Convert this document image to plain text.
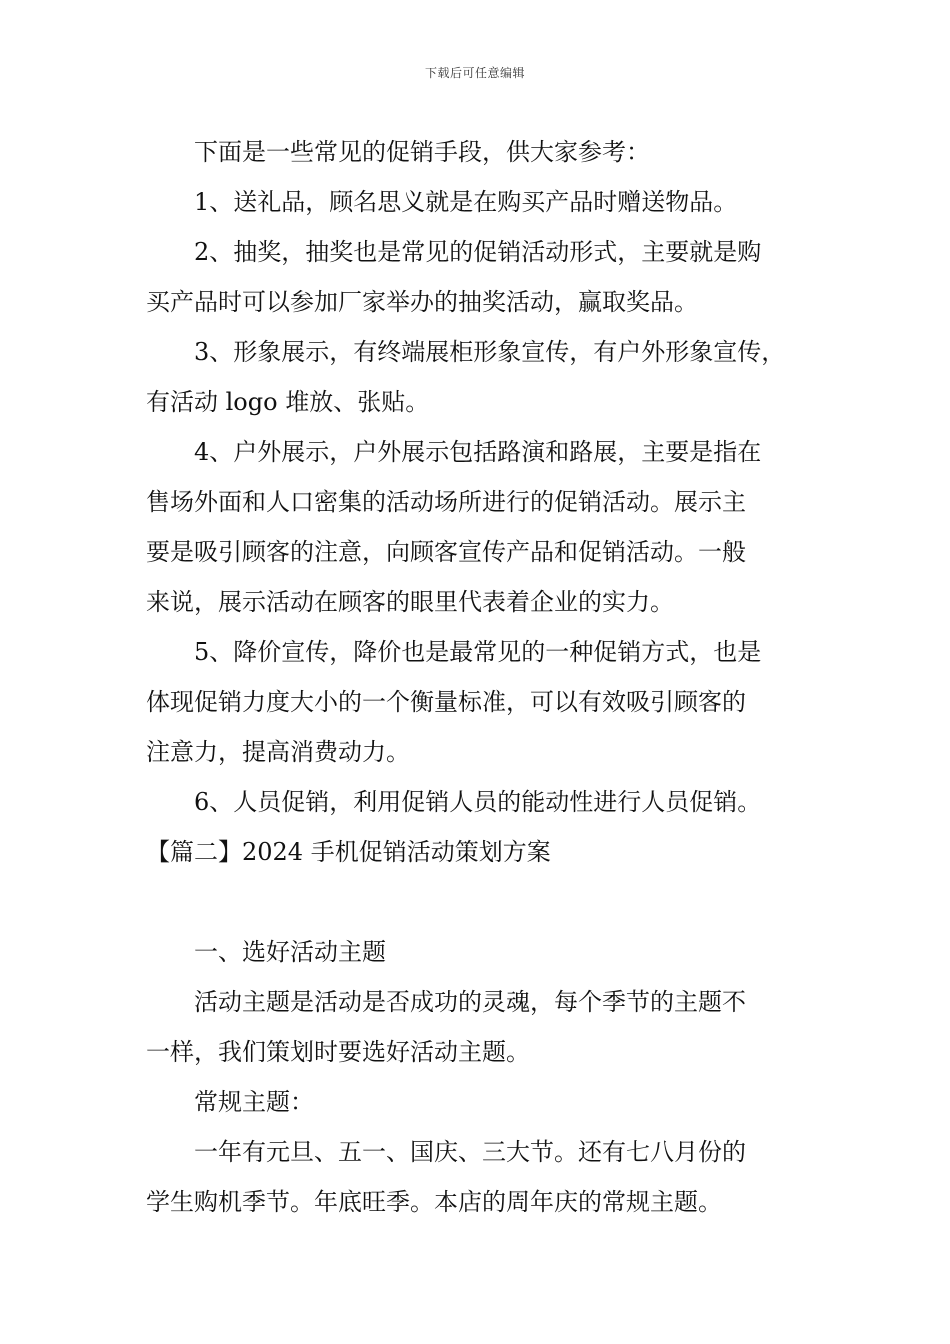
下载后可任意编辑
下面是一些常见的促销手段，供大家参考：
1、送礼品，顾名思义就是在购买产品时赠送物品。
2、抽奖，抽奖也是常见的促销活动形式，主要就是购
买产品时可以参加厂家举办的抽奖活动，赢取奖品。
3、形象展示，有终端展柜形象宣传，有户外形象宣传，
有活动 logo 堆放、张贴。
4、户外展示，户外展示包括路演和路展，主要是指在
售场外面和人口密集的活动场所进行的促销活动。展示主
要是吸引顾客的注意，向顾客宣传产品和促销活动。一般
来说，展示活动在顾客的眼里代表着企业的实力。
5、降价宣传，降价也是最常见的一种促销方式，也是
体现促销力度大小的一个衡量标准，可以有效吸引顾客的
注意力，提高消费动力。
6、人员促销，利用促销人员的能动性进行人员促销。
【篇二】2024 手机促销活动策划方案
一、选好活动主题
活动主题是活动是否成功的灵魂，每个季节的主题不
一样，我们策划时要选好活动主题。
常规主题：
一年有元旦、五一、国庆、三大节。还有七八月份的
学生购机季节。年底旺季。本店的周年庆的常规主题。
